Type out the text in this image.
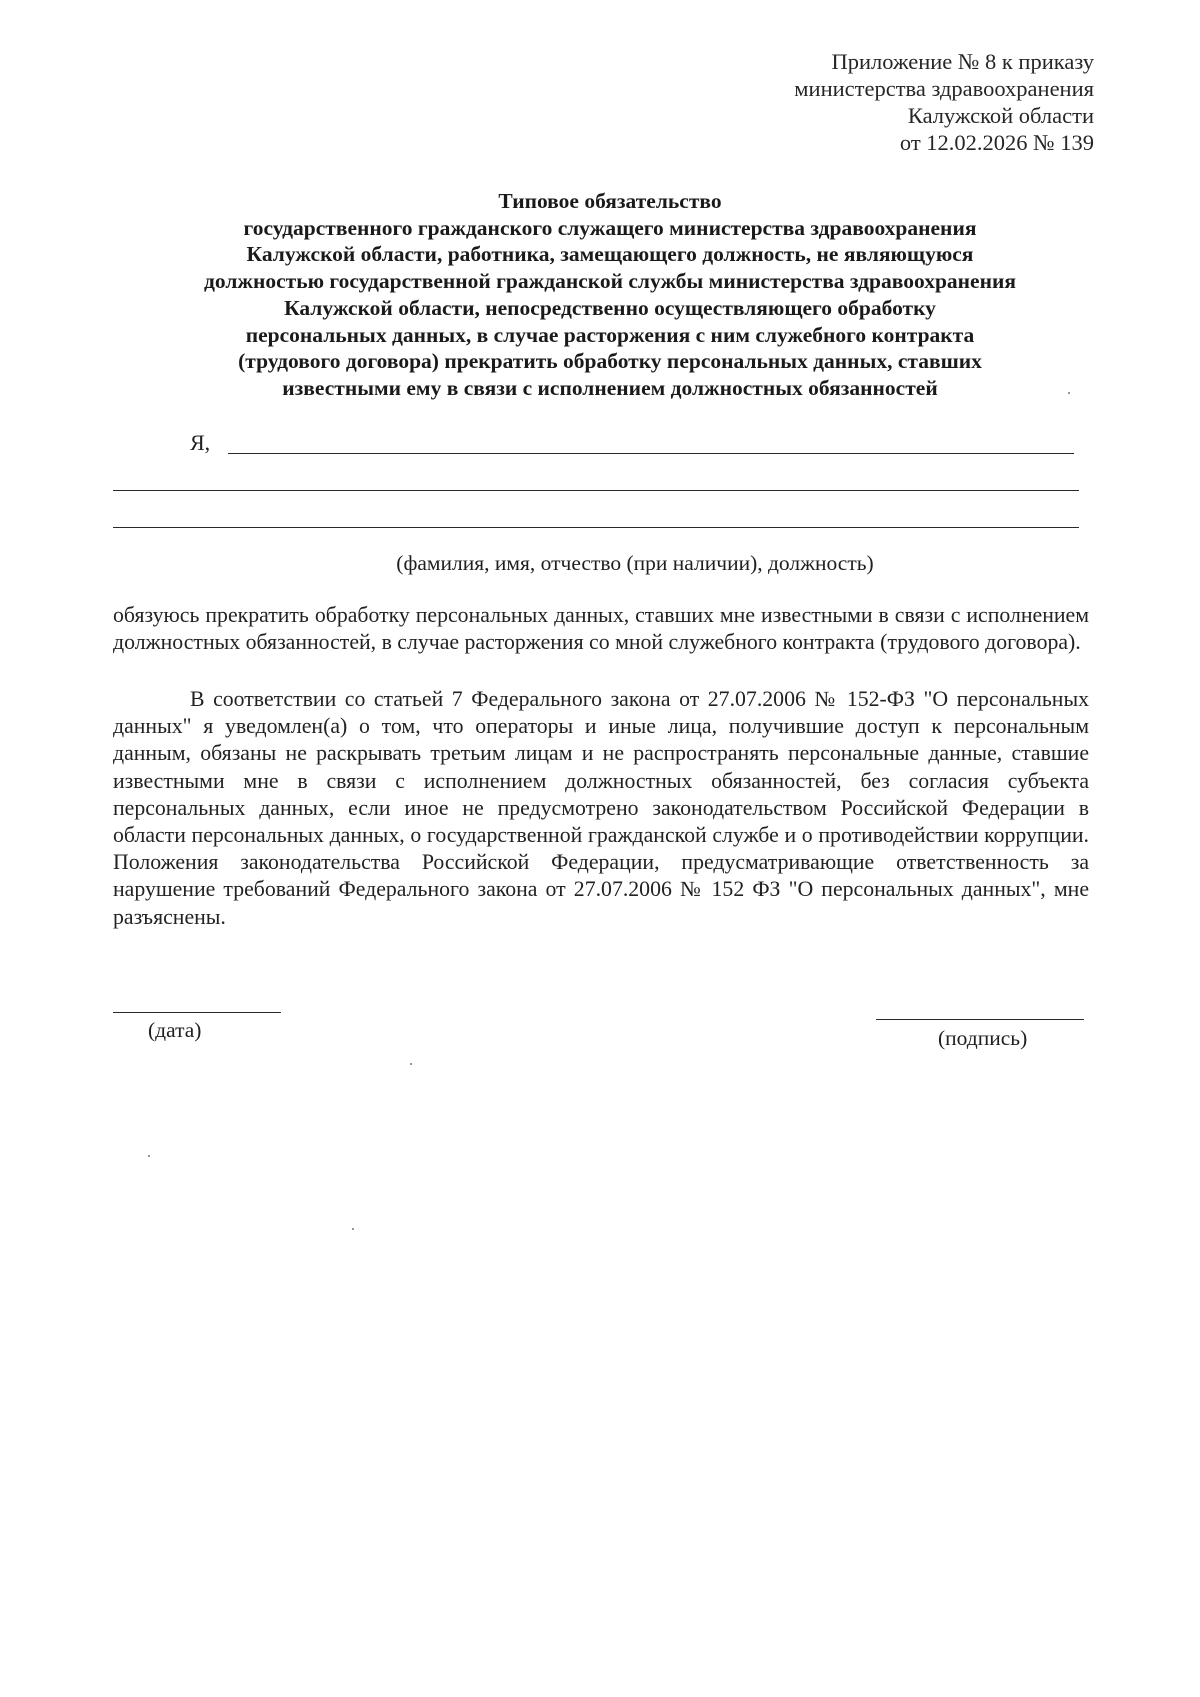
Приложение № 8 к приказу
министерства здравоохранения
Калужской области
от 12.02.2026 № 139
Типовое обязательство
государственного гражданского служащего министерства здравоохранения
Калужской области, работника, замещающего должность, не являющуюся
должностью государственной гражданской службы министерства здравоохранения
Калужской области, непосредственно осуществляющего обработку
персональных данных, в случае расторжения с ним служебного контракта
(трудового договора) прекратить обработку персональных данных, ставших
известными ему в связи с исполнением должностных обязанностей
Я,
(фамилия, имя, отчество (при наличии), должность)
обязуюсь прекратить обработку персональных данных, ставших мне известными в связи с исполнением должностных обязанностей, в случае расторжения со мной служебного контракта (трудового договора).
В соответствии со статьей 7 Федерального закона от 27.07.2006 № 152-ФЗ "О персональных данных" я уведомлен(а) о том, что операторы и иные лица, получившие доступ к персональным данным, обязаны не раскрывать третьим лицам и не распространять персональные данные, ставшие известными мне в связи с исполнением должностных обязанностей, без согласия субъекта персональных данных, если иное не предусмотрено законодательством Российской Федерации в области персональных данных, о государственной гражданской службе и о противодействии коррупции. Положения законодательства Российской Федерации, предусматривающие ответственность за нарушение требований Федерального закона от 27.07.2006 № 152 ФЗ "О персональных данных", мне разъяснены.
(дата)	(подпись)
